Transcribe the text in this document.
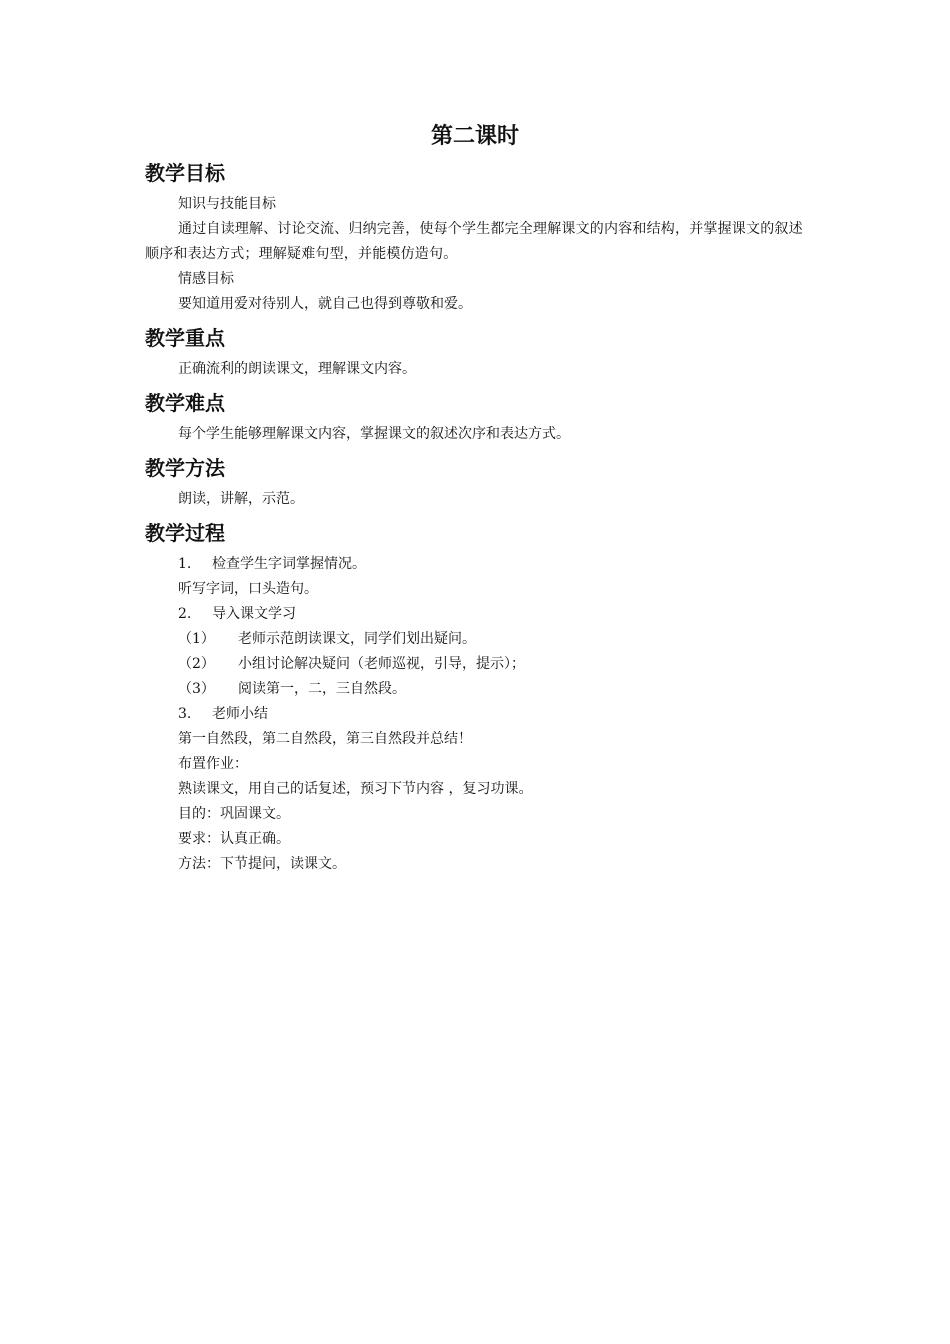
第二课时
教学目标

知识与技能目标

通过自读理解、讨论交流、归纳完善，使每个学生都完全理解课文的内容和结构，并掌握课文的叙述顺序和表达方式；理解疑难句型，并能模仿造句。

情感目标

要知道用爱对待别人，就自己也得到尊敬和爱。

教学重点

正确流利的朗读课文，理解课文内容。

教学难点

每个学生能够理解课文内容，掌握课文的叙述次序和表达方式。

教学方法

朗读，讲解，示范。

教学过程

1. 检查学生字词掌握情况。

听写字词，口头造句。

2. 导入课文学习

（1） 老师示范朗读课文，同学们划出疑问。

（2） 小组讨论解决疑问（老师巡视，引导，提示）；

（3） 阅读第一，二，三自然段。

3. 老师小结

第一自然段，第二自然段，第三自然段并总结！

布置作业：

熟读课文，用自己的话复述，预习下节内容 ，复习功课。

目的：巩固课文。

要求：认真正确。

方法：下节提问，读课文。
